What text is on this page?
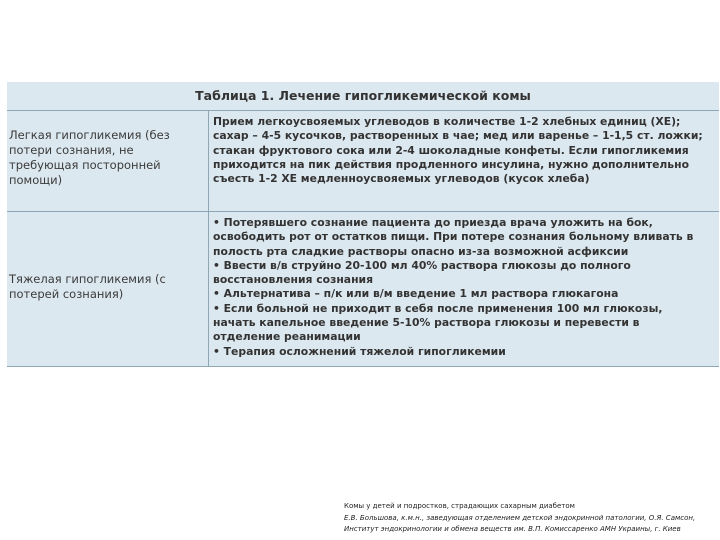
Таблица 1. Лечение гипогликемической комы
Легкая гипогликемия (без потери сознания, не требующая посторонней помощи)
Прием легкоусвояемых углеводов в количестве 1-2 хлебных единиц (ХЕ); сахар – 4-5 кусочков, растворенных в чае; мед или варенье – 1-1,5 ст. ложки; стакан фруктового сока или 2-4 шоколадные конфеты. Если гипогликемия приходится на пик действия продленного инсулина, нужно дополнительно съесть 1-2 ХЕ медленноусвояемых углеводов (кусок хлеба)
Тяжелая гипогликемия (с потерей сознания)

• Потерявшего сознание пациента до приезда врача уложить на бок, освободить рот от остатков пищи. При потере сознания больному вливать в полость рта сладкие растворы опасно из-за возможной асфиксии

• Ввести в/в струйно 20-100 мл 40% раствора глюкозы до полного восстановления сознания

• Альтернатива – п/к или в/м введение 1 мл раствора глюкагона

• Если больной не приходит в себя после применения 100 мл глюкозы, начать капельное введение 5-10% раствора глюкозы и перевести в отделение реанимации

• Терапия осложнений тяжелой гипогликемии

Комы у детей и подростков, страдающих сахарным диабетом
Е.В. Большова, к.м.н., заведующая отделением детской эндокринной патологии, О.Я. Самсон,
Институт эндокринологии и обмена веществ им. В.П. Комиссаренко АМН Украины, г. Киев
